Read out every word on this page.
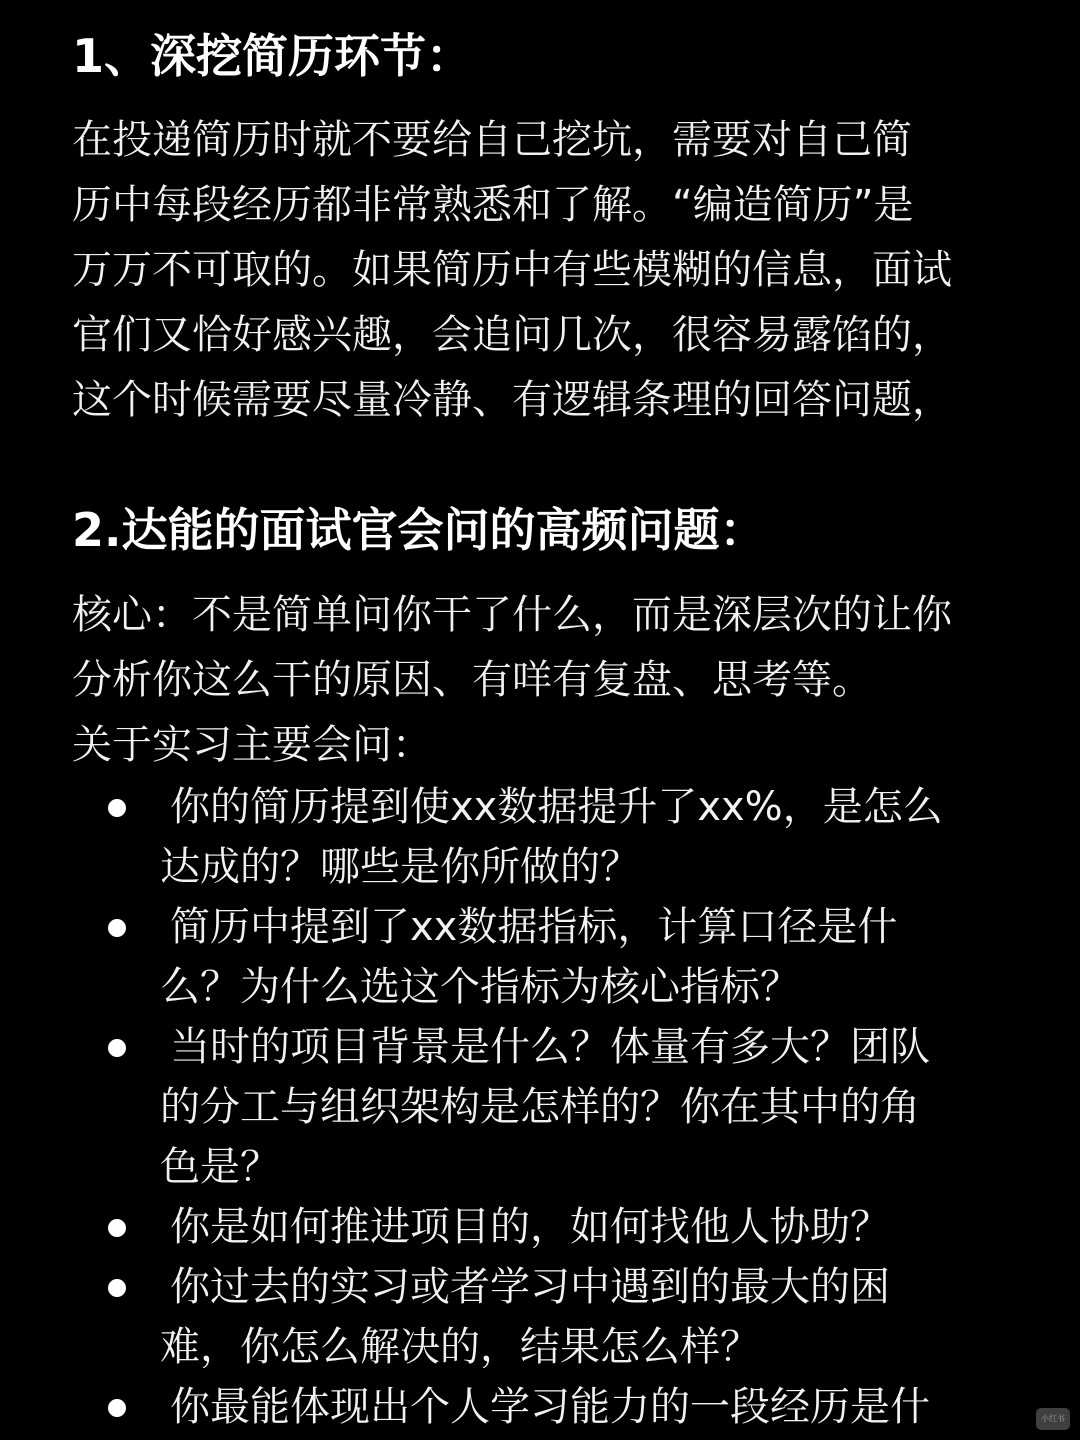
1、深挖简历环节：
在投递简历时就不要给自己挖坑，需要对自己简
历中每段经历都非常熟悉和了解。“编造简历”是
万万不可取的。如果简历中有些模糊的信息，面试
官们又恰好感兴趣，会追问几次，很容易露馅的，
这个时候需要尽量冷静、有逻辑条理的回答问题，
2.达能的面试官会问的高频问题：
核心：不是简单问你干了什么，而是深层次的让你
分析你这么干的原因、有咩有复盘、思考等。
关于实习主要会问：
你的简历提到使xx数据提升了xx%，是怎么
达成的？哪些是你所做的？
简历中提到了xx数据指标，计算口径是什
么？为什么选这个指标为核心指标？
当时的项目背景是什么？体量有多大？团队
的分工与组织架构是怎样的？你在其中的角
色是？
你是如何推进项目的，如何找他人协助？
你过去的实习或者学习中遇到的最大的困
难，你怎么解决的，结果怎么样？
你最能体现出个人学习能力的一段经历是什	小红书
